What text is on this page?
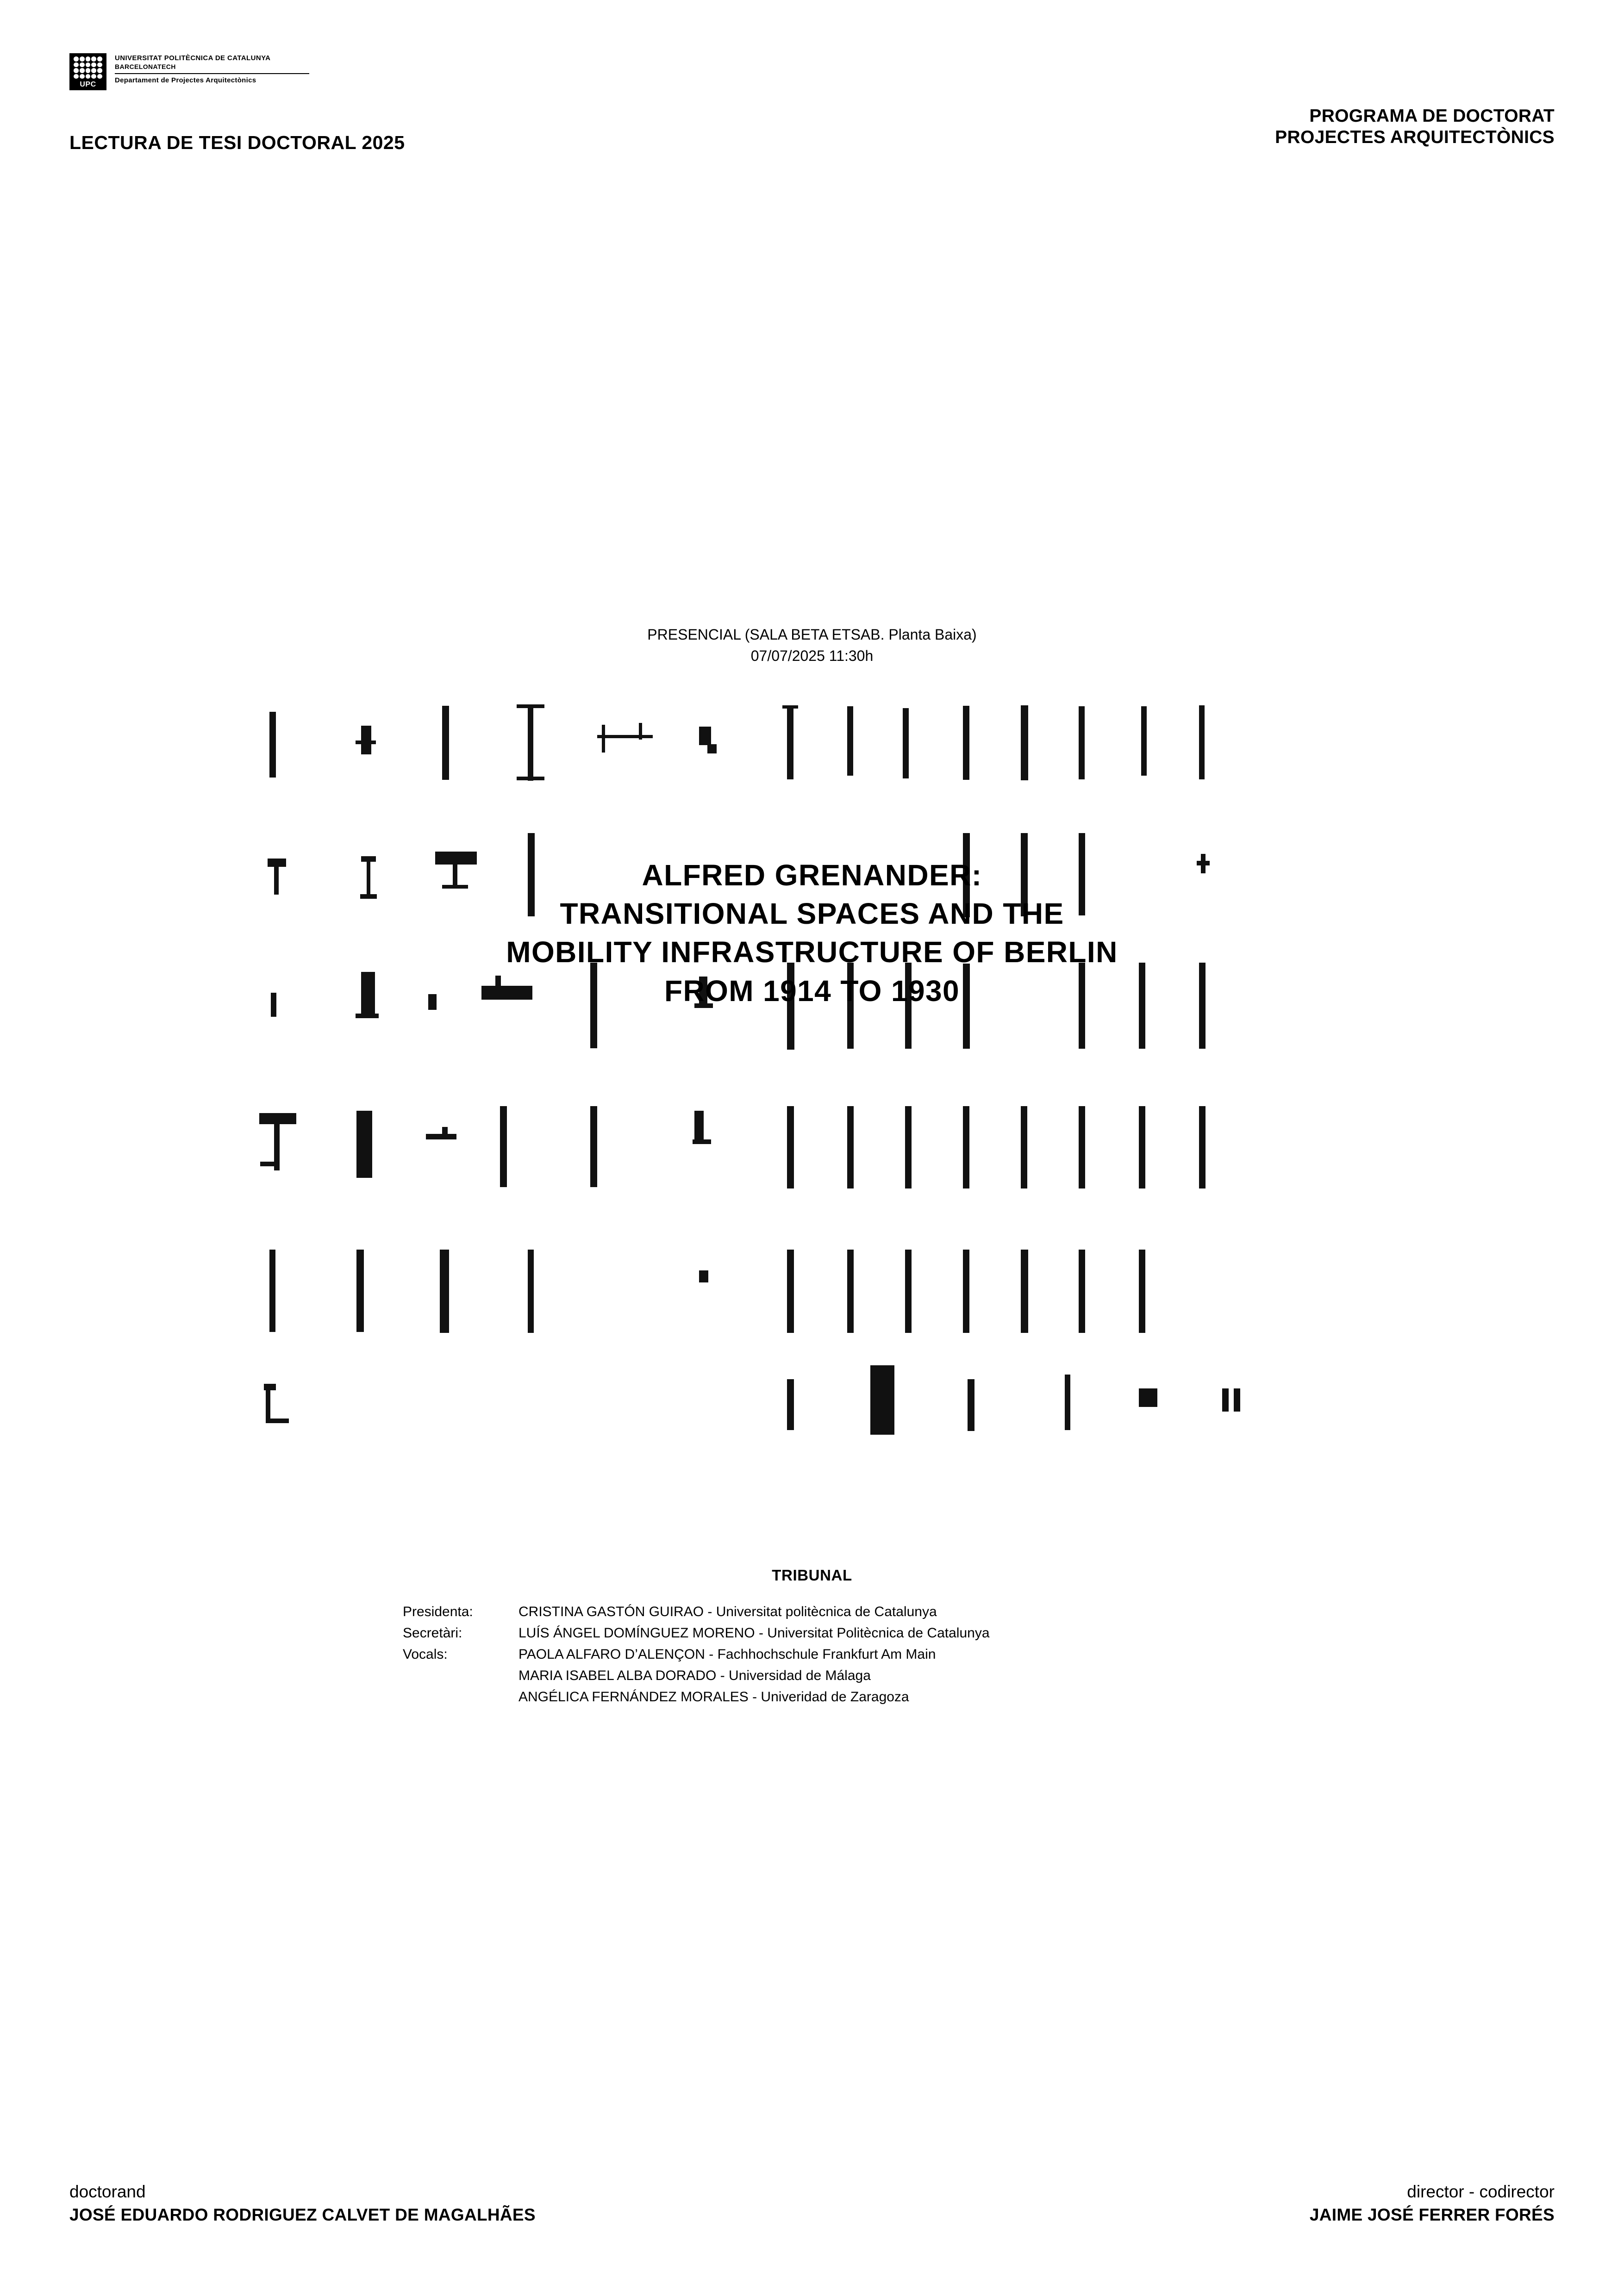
UPC
UNIVERSITAT POLITÈCNICA DE CATALUNYA
BARCELONATECH
Departament de Projectes Arquitectònics
LECTURA DE TESI DOCTORAL 2025
PROGRAMA DE DOCTORAT
PROJECTES ARQUITECTÒNICS
PRESENCIAL (SALA BETA ETSAB. Planta Baixa)
07/07/2025 11:30h
ALFRED GRENANDER:
TRANSITIONAL SPACES AND THE
MOBILITY INFRASTRUCTURE OF BERLIN
FROM 1914 TO 1930
TRIBUNAL
Presidenta:	CRISTINA GASTÓN GUIRAO - Universitat politècnica de Catalunya
Secretàri:	LUÍS ÁNGEL DOMÍNGUEZ MORENO - Universitat Politècnica de Catalunya
Vocals:	PAOLA ALFARO D’ALENÇON - Fachhochschule Frankfurt Am Main
MARIA ISABEL ALBA DORADO - Universidad de Málaga
ANGÉLICA FERNÁNDEZ MORALES - Univeridad de Zaragoza
doctorand
JOSÉ EDUARDO RODRIGUEZ CALVET DE MAGALHÃES
director - codirector
JAIME JOSÉ FERRER FORÉS
